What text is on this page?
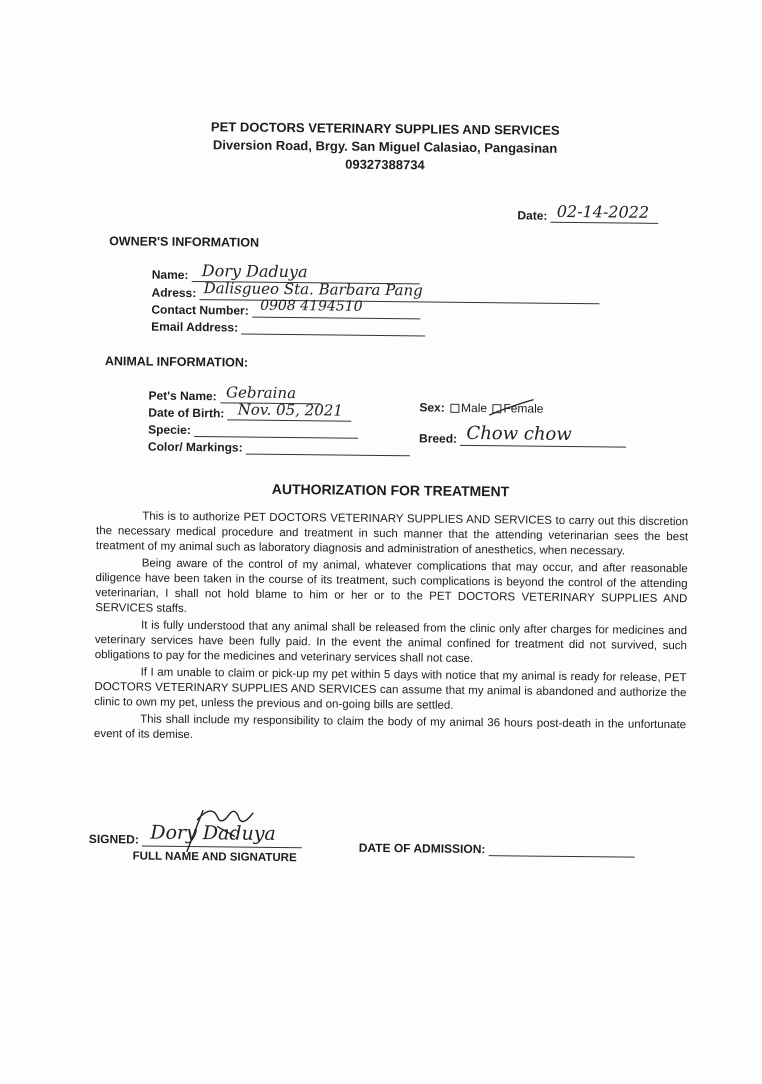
PET DOCTORS VETERINARY SUPPLIES AND SERVICES
Diversion Road, Brgy. San Miguel Calasiao, Pangasinan
09327388734
Date: 02-14-2022
OWNER'S INFORMATION
Name: Dory Daduya
Adress: Dalisgueo Sta. Barbara Pang
Contact Number: 0908 4194510
Email Address:
ANIMAL INFORMATION:
Pet's Name: Gebraina
Date of Birth: Nov. 05, 2021
Specie:
Color/ Markings:
Sex: Male Female
Breed: Chow chow
AUTHORIZATION FOR TREATMENT

This is to authorize PET DOCTORS VETERINARY SUPPLIES AND SERVICES to carry out this discretion the necessary medical procedure and treatment in such manner that the attending veterinarian sees the best treatment of my animal such as laboratory diagnosis and administration of anesthetics, when necessary.

Being aware of the control of my animal, whatever complications that may occur, and after reasonable diligence have been taken in the course of its treatment, such complications is beyond the control of the attending veterinarian, I shall not hold blame to him or her or to the PET DOCTORS VETERINARY SUPPLIES AND SERVICES staffs.

It is fully understood that any animal shall be released from the clinic only after charges for medicines and veterinary services have been fully paid. In the event the animal confined for treatment did not survived, such obligations to pay for the medicines and veterinary services shall not case.

If I am unable to claim or pick-up my pet within 5 days with notice that my animal is ready for release, PET DOCTORS VETERINARY SUPPLIES AND SERVICES can assume that my animal is abandoned and authorize the clinic to own my pet, unless the previous and on-going bills are settled.

This shall include my responsibility to claim the body of my animal 36 hours post-death in the unfortunate event of its demise.

SIGNED: Dory Daduya
FULL NAME AND SIGNATURE
DATE OF ADMISSION:
